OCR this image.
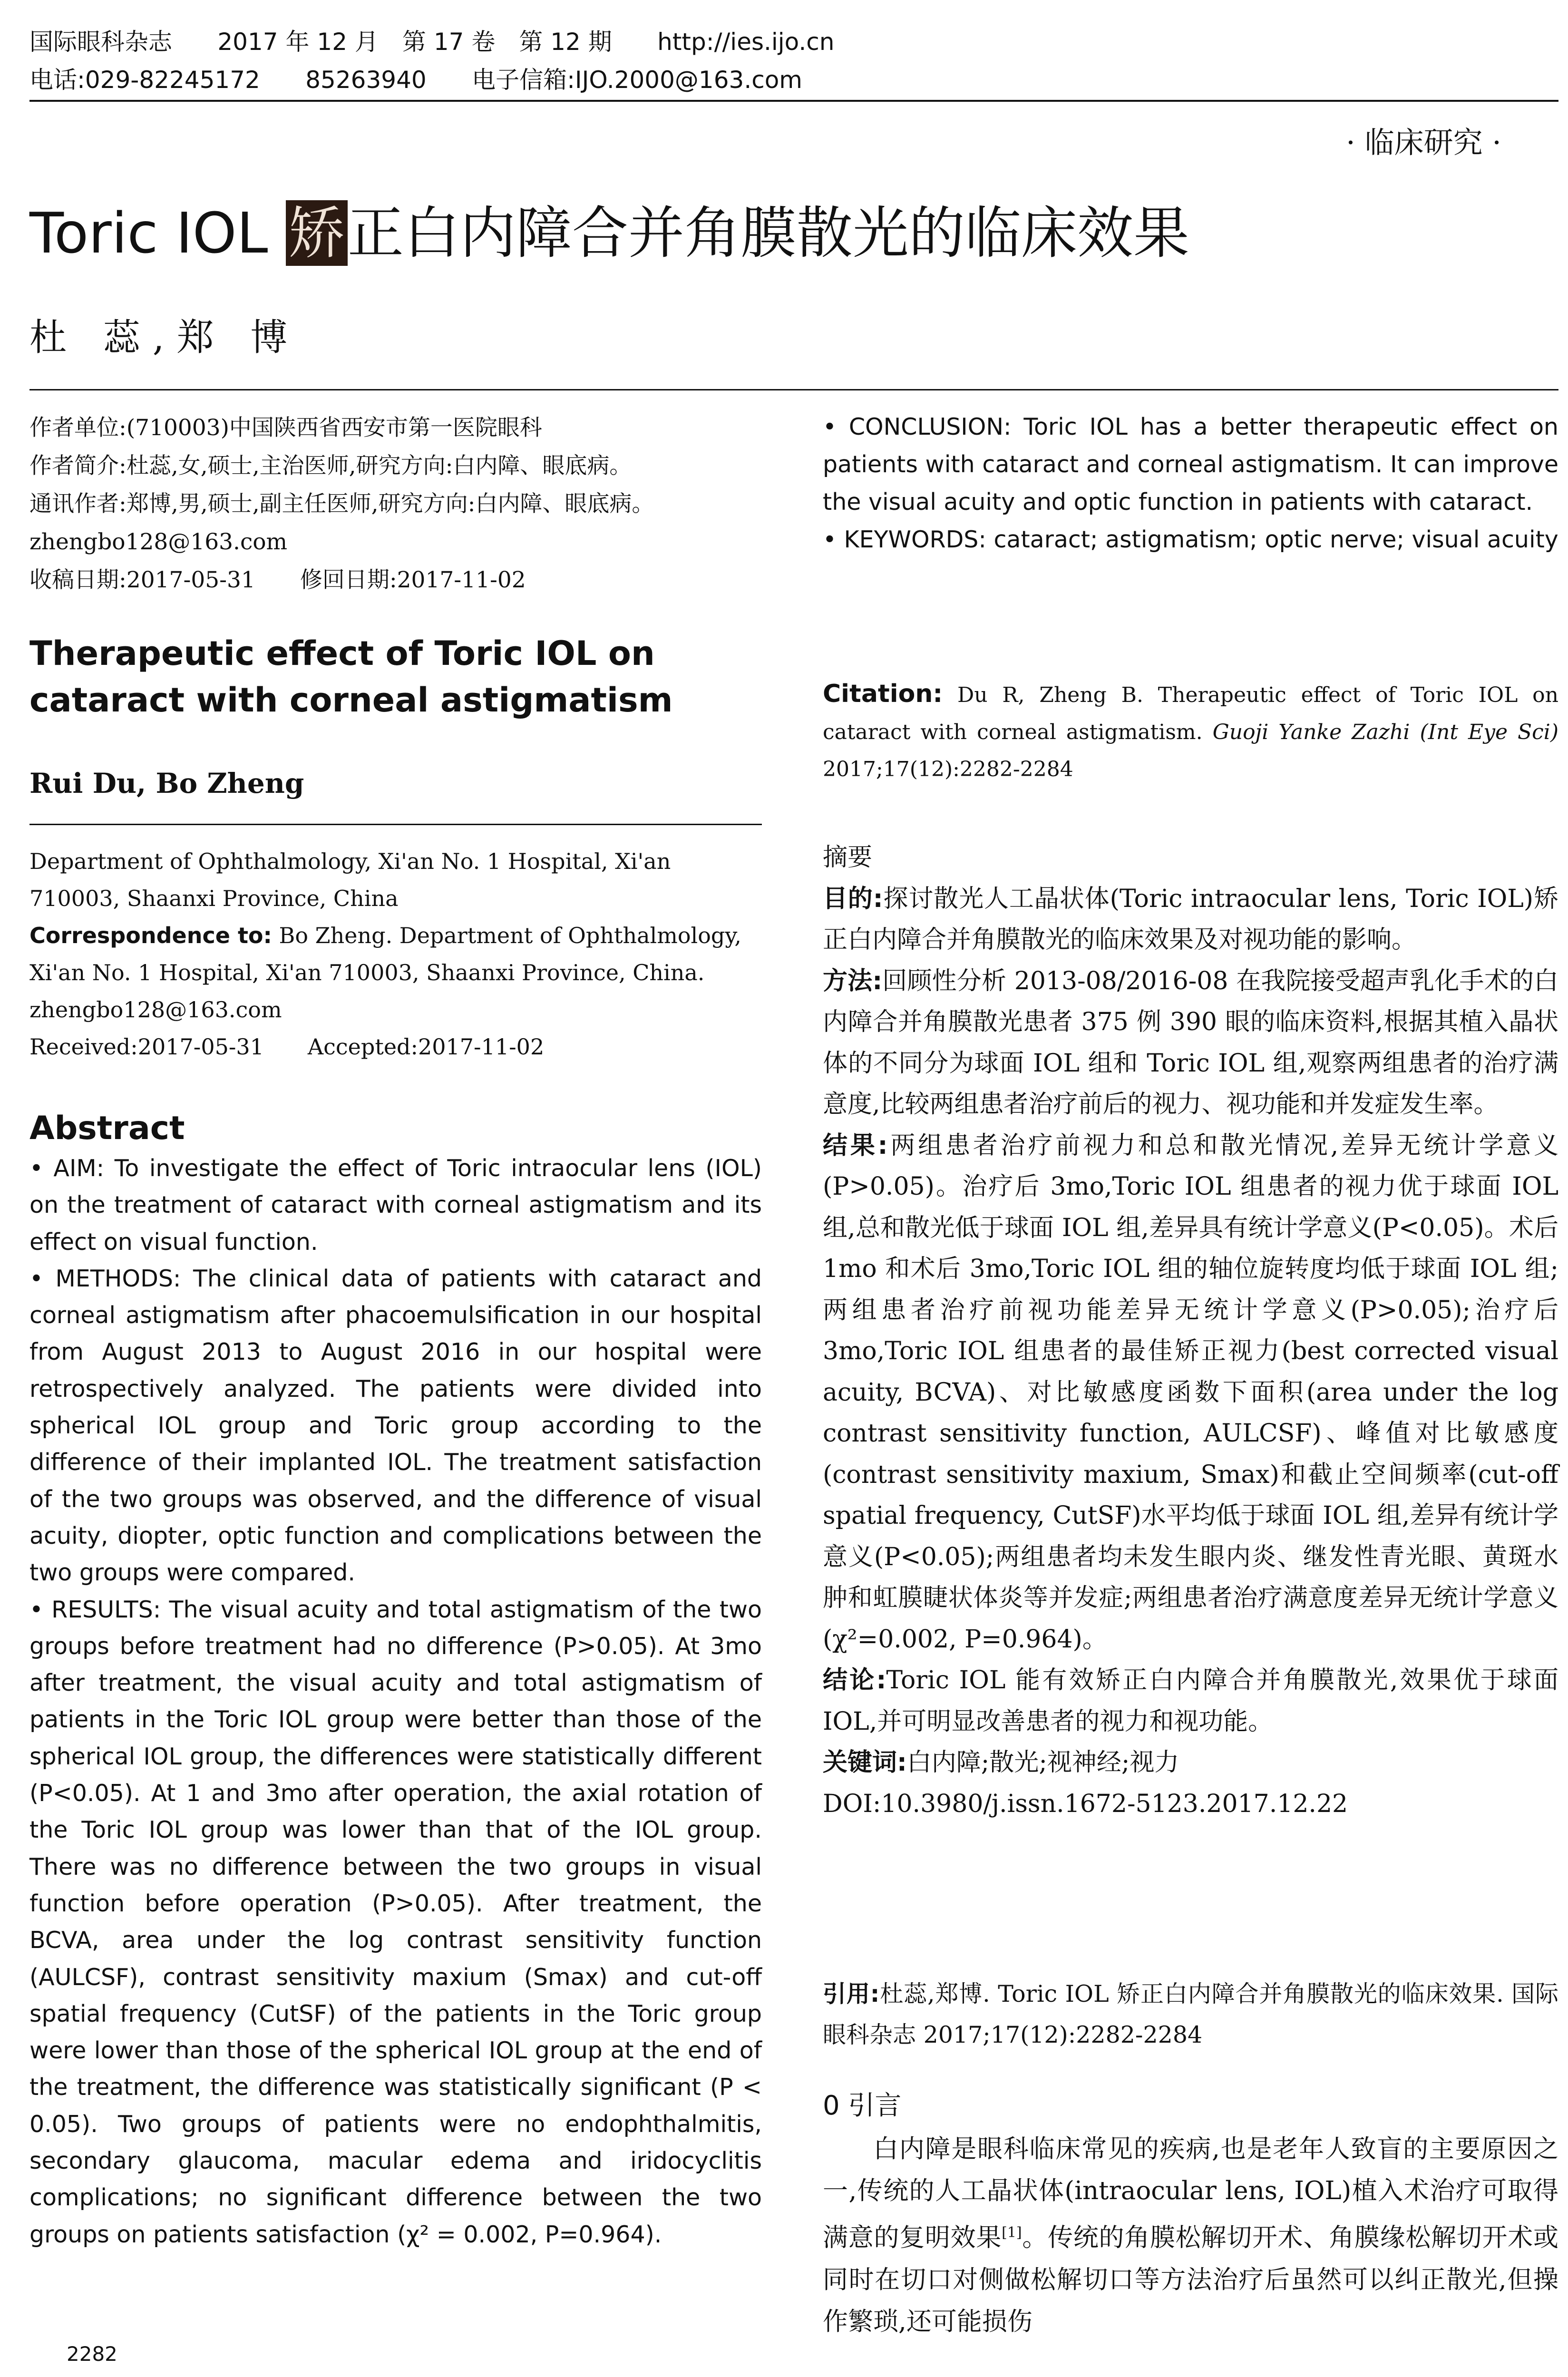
国际眼科杂志 2017 年 12 月　第 17 卷　第 12 期 http://ies.ijo.cn
电话:029-82245172 85263940 电子信箱:IJO.2000@163.com
· 临床研究 ·
Toric IOL 矫正白内障合并角膜散光的临床效果
杜 蕊,郑 博

作者单位:(710003)中国陕西省西安市第一医院眼科

作者简介:杜蕊,女,硕士,主治医师,研究方向:白内障、眼底病。

通讯作者:郑博,男,硕士,副主任医师,研究方向:白内障、眼底病。zhengbo128@163.com

收稿日期:2017-05-31　　修回日期:2017-11-02

Therapeutic effect of Toric IOL on cataract with corneal astigmatism
Rui Du, Bo Zheng

Department of Ophthalmology, Xi'an No. 1 Hospital, Xi'an 710003, Shaanxi Province, China

Correspondence to: Bo Zheng. Department of Ophthalmology, Xi'an No. 1 Hospital, Xi'an 710003, Shaanxi Province, China. zhengbo128@163.com

Received:2017-05-31　　Accepted:2017-11-02

Abstract

• AIM: To investigate the effect of Toric intraocular lens (IOL) on the treatment of cataract with corneal astigmatism and its effect on visual function.

• METHODS: The clinical data of patients with cataract and corneal astigmatism after phacoemulsification in our hospital from August 2013 to August 2016 in our hospital were retrospectively analyzed. The patients were divided into spherical IOL group and Toric group according to the difference of their implanted IOL. The treatment satisfaction of the two groups was observed, and the difference of visual acuity, diopter, optic function and complications between the two groups were compared.

• RESULTS: The visual acuity and total astigmatism of the two groups before treatment had no difference (P>0.05). At 3mo after treatment, the visual acuity and total astigmatism of patients in the Toric IOL group were better than those of the spherical IOL group, the differences were statistically different (P<0.05). At 1 and 3mo after operation, the axial rotation of the Toric IOL group was lower than that of the IOL group. There was no difference between the two groups in visual function before operation (P>0.05). After treatment, the BCVA, area under the log contrast sensitivity function (AULCSF), contrast sensitivity maxium (Smax) and cut-off spatial frequency (CutSF) of the patients in the Toric group were lower than those of the spherical IOL group at the end of the treatment, the difference was statistically significant (P < 0.05). Two groups of patients were no endophthalmitis, secondary glaucoma, macular edema and iridocyclitis complications; no significant difference between the two groups on patients satisfaction (χ² = 0.002, P=0.964).

• CONCLUSION: Toric IOL has a better therapeutic effect on patients with cataract and corneal astigmatism. It can improve the visual acuity and optic function in patients with cataract.

• KEYWORDS: cataract; astigmatism; optic nerve; visual acuity

Citation: Du R, Zheng B. Therapeutic effect of Toric IOL on cataract with corneal astigmatism. Guoji Yanke Zazhi (Int Eye Sci) 2017;17(12):2282-2284

摘要

目的:探讨散光人工晶状体(Toric intraocular lens, Toric IOL)矫正白内障合并角膜散光的临床效果及对视功能的影响。

方法:回顾性分析 2013-08/2016-08 在我院接受超声乳化手术的白内障合并角膜散光患者 375 例 390 眼的临床资料,根据其植入晶状体的不同分为球面 IOL 组和 Toric IOL 组,观察两组患者的治疗满意度,比较两组患者治疗前后的视力、视功能和并发症发生率。

结果:两组患者治疗前视力和总和散光情况,差异无统计学意义(P>0.05)。治疗后 3mo,Toric IOL 组患者的视力优于球面 IOL 组,总和散光低于球面 IOL 组,差异具有统计学意义(P<0.05)。术后 1mo 和术后 3mo,Toric IOL 组的轴位旋转度均低于球面 IOL 组;两组患者治疗前视功能差异无统计学意义(P>0.05);治疗后 3mo,Toric IOL 组患者的最佳矫正视力(best corrected visual acuity, BCVA)、对比敏感度函数下面积(area under the log contrast sensitivity function, AULCSF)、峰值对比敏感度(contrast sensitivity maxium, Smax)和截止空间频率(cut-off spatial frequency, CutSF)水平均低于球面 IOL 组,差异有统计学意义(P<0.05);两组患者均未发生眼内炎、继发性青光眼、黄斑水肿和虹膜睫状体炎等并发症;两组患者治疗满意度差异无统计学意义(χ²=0.002, P=0.964)。

结论:Toric IOL 能有效矫正白内障合并角膜散光,效果优于球面 IOL,并可明显改善患者的视力和视功能。

关键词:白内障;散光;视神经;视力

DOI:10.3980/j.issn.1672-5123.2017.12.22

引用:杜蕊,郑博. Toric IOL 矫正白内障合并角膜散光的临床效果. 国际眼科杂志 2017;17(12):2282-2284
0 引言
白内障是眼科临床常见的疾病,也是老年人致盲的主要原因之一,传统的人工晶状体(intraocular lens, IOL)植入术治疗可取得满意的复明效果[1]。传统的角膜松解切开术、角膜缘松解切开术或同时在切口对侧做松解切口等方法治疗后虽然可以纠正散光,但操作繁琐,还可能损伤
2282
